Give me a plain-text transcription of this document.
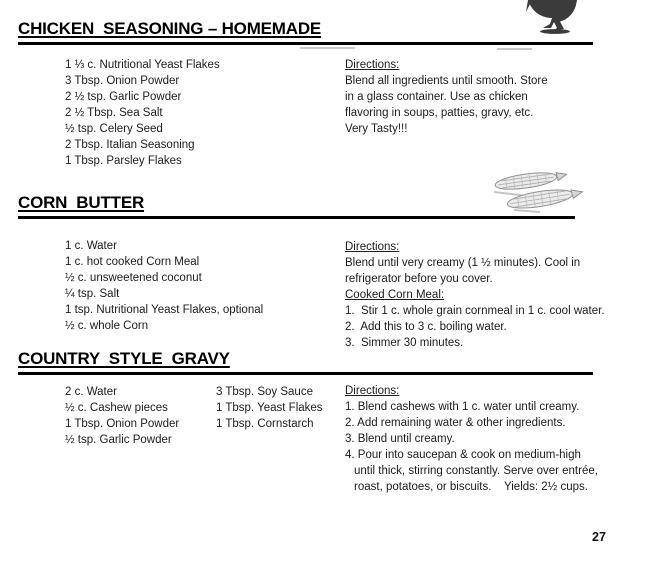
CHICKEN  SEASONING – HOMEMADE
1 ⅓ c. Nutritional Yeast Flakes
3 Tbsp. Onion Powder
2 ½ tsp. Garlic Powder
2 ½ Tbsp. Sea Salt
½ tsp. Celery Seed
2 Tbsp. Italian Seasoning
1 Tbsp. Parsley Flakes
Directions:
Blend all ingredients until smooth. Store
in a glass container. Use as chicken
flavoring in soups, patties, gravy, etc.
Very Tasty!!!
CORN  BUTTER
1 c. Water
1 c. hot cooked Corn Meal
½ c. unsweetened coconut
¼ tsp. Salt
1 tsp. Nutritional Yeast Flakes, optional
½ c. whole Corn
Directions:
Blend until very creamy (1 ½ minutes). Cool in
refrigerator before you cover.
Cooked Corn Meal:
1.  Stir 1 c. whole grain cornmeal in 1 c. cool water.
2.  Add this to 3 c. boiling water.
3.  Simmer 30 minutes.
COUNTRY  STYLE  GRAVY
2 c. Water
½ c. Cashew pieces
1 Tbsp. Onion Powder
½ tsp. Garlic Powder
3 Tbsp. Soy Sauce
1 Tbsp. Yeast Flakes
1 Tbsp. Cornstarch
Directions:
1. Blend cashews with 1 c. water until creamy.
2. Add remaining water & other ingredients.
3. Blend until creamy.
4. Pour into saucepan & cook on medium-high
until thick, stirring constantly. Serve over entrée,
roast, potatoes, or biscuits.    Yields: 2½ cups.
27
